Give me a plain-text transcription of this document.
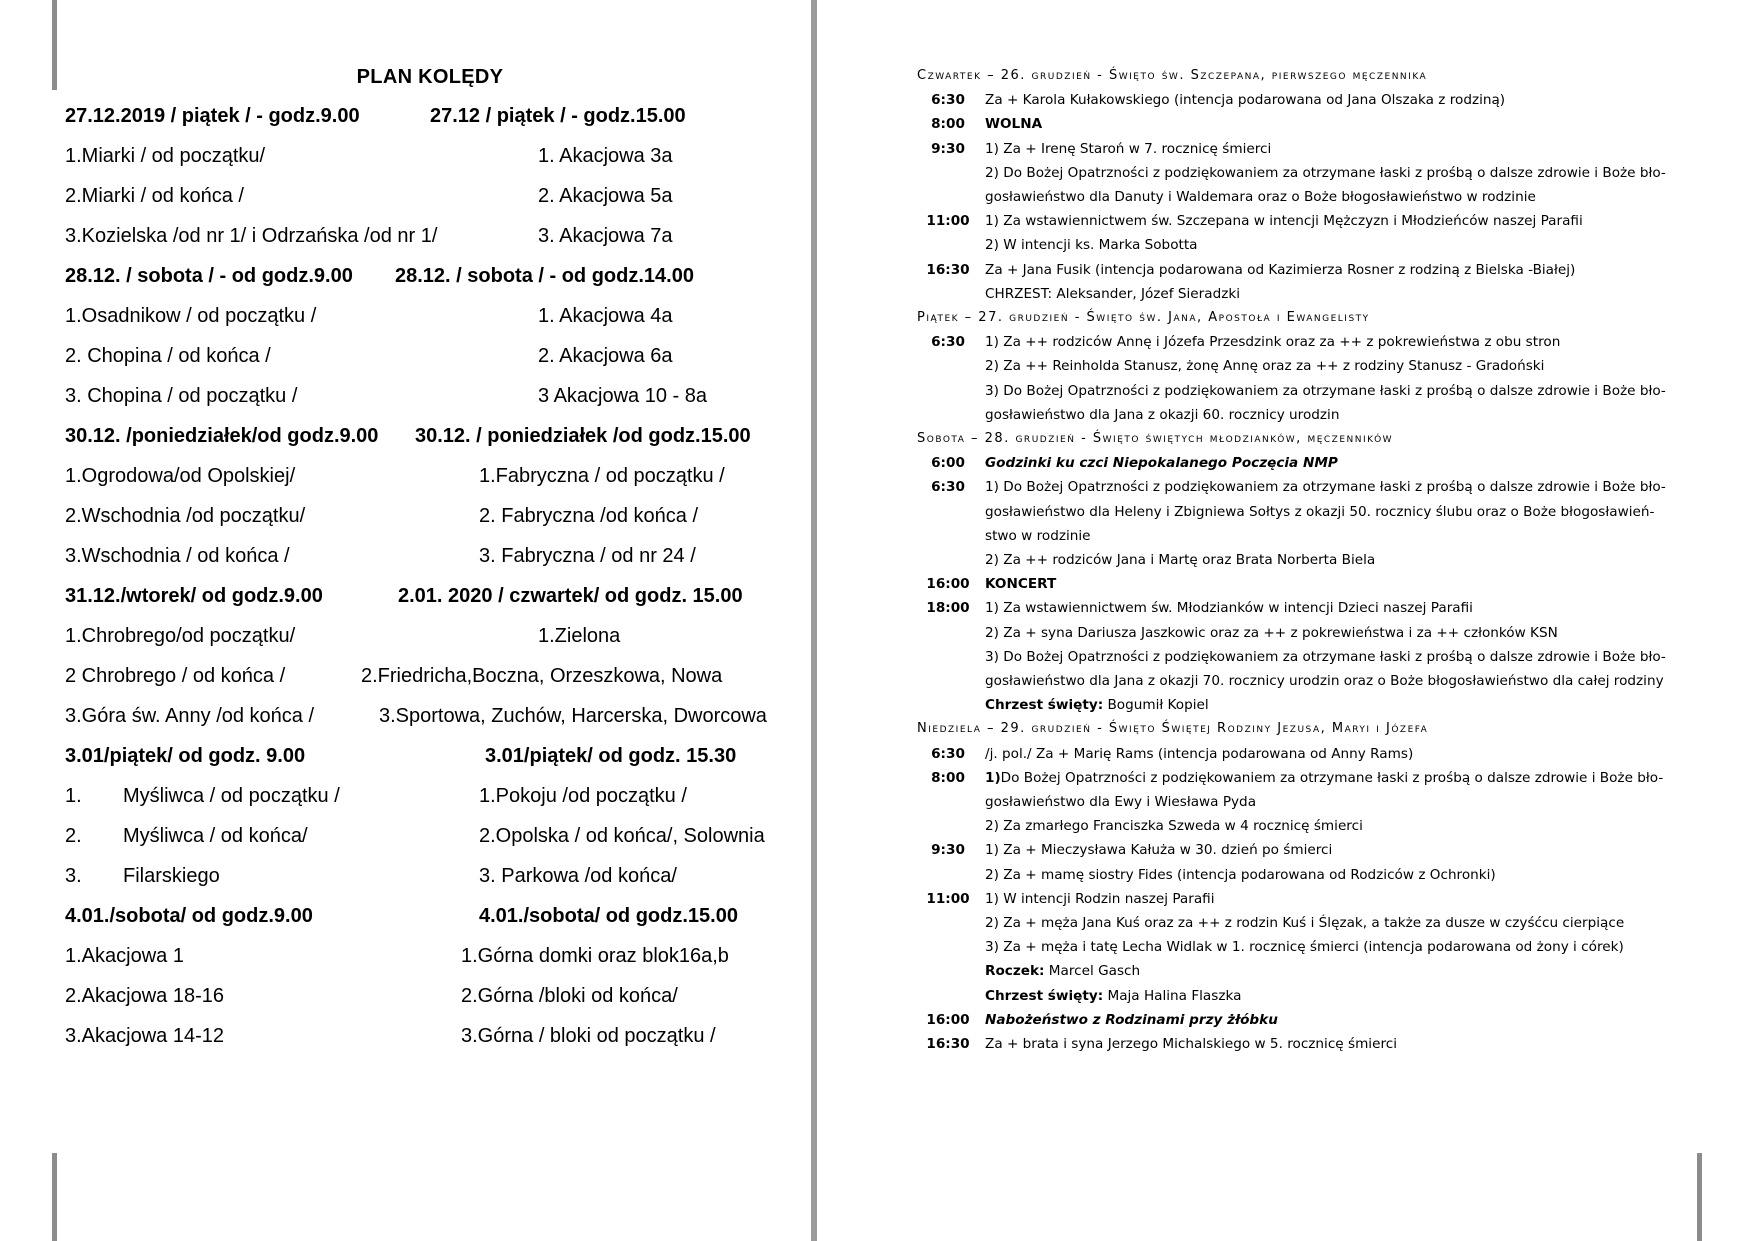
PLAN KOLĘDY
27.12.2019 / piątek / - godz.9.00	27.12 / piątek / - godz.15.00
1.Miarki / od początku/	1. Akacjowa 3a
2.Miarki / od końca /	2. Akacjowa 5a
3.Kozielska /od nr 1/ i Odrzańska /od nr 1/	3. Akacjowa 7a
28.12. / sobota / - od godz.9.00 28.12. / sobota / - od godz.14.00
1.Osadnikow / od początku /	1. Akacjowa 4a
2. Chopina / od końca /	2. Akacjowa 6a
3. Chopina / od początku /	3 Akacjowa 10 - 8a
30.12. /poniedziałek/od godz.9.00 30.12. / poniedziałek /od godz.15.00
1.Ogrodowa/od Opolskiej/	1.Fabryczna / od początku /
2.Wschodnia /od początku/	2. Fabryczna /od końca /
3.Wschodnia / od końca /	3. Fabryczna / od nr 24 /
31.12./wtorek/ od godz.9.00	2.01. 2020 / czwartek/ od godz. 15.00
1.Chrobrego/od początku/	1.Zielona
2 Chrobrego / od końca /	2.Friedricha,Boczna, Orzeszkowa, Nowa
3.Góra św. Anny /od końca /	3.Sportowa, Zuchów, Harcerska, Dworcowa
3.01/piątek/ od godz. 9.00	3.01/piątek/ od godz. 15.30
1. Myśliwca / od początku /	1.Pokoju /od początku /
2. Myśliwca / od końca/	2.Opolska / od końca/, Solownia
3. Filarskiego	3. Parkowa /od końca/
4.01./sobota/ od godz.9.00	4.01./sobota/ od godz.15.00
1.Akacjowa 1	1.Górna domki oraz blok16a,b
2.Akacjowa 18-16	2.Górna /bloki od końca/
3.Akacjowa 14-12	3.Górna / bloki od początku /
Czwartek – 26. grudzień - Święto św. Szczepana, pierwszego męczennika
6:30	Za + Karola Kułakowskiego (intencja podarowana od Jana Olszaka z rodziną)
8:00	WOLNA
9:30	1) Za + Irenę Staroń w 7. rocznicę śmierci
2) Do Bożej Opatrzności z podziękowaniem za otrzymane łaski z prośbą o dalsze zdrowie i Boże bło-
gosławieństwo dla Danuty i Waldemara oraz o Boże błogosławieństwo w rodzinie
11:00	1) Za wstawiennictwem św. Szczepana w intencji Mężczyzn i Młodzieńców naszej Parafii
2) W intencji ks. Marka Sobotta
16:30	Za + Jana Fusik (intencja podarowana od Kazimierza Rosner z rodziną z Bielska -Białej)
CHRZEST: Aleksander, Józef Sieradzki
Piątek – 27. grudzień - Święto św. Jana, Apostoła i Ewangelisty
6:30	1) Za ++ rodziców Annę i Józefa Przesdzink oraz za ++ z pokrewieństwa z obu stron
2) Za ++ Reinholda Stanusz, żonę Annę oraz za ++ z rodziny Stanusz - Gradoński
3) Do Bożej Opatrzności z podziękowaniem za otrzymane łaski z prośbą o dalsze zdrowie i Boże bło-
gosławieństwo dla Jana z okazji 60. rocznicy urodzin
Sobota – 28. grudzień - Święto świętych młodzianków, męczenników
6:00	Godzinki ku czci Niepokalanego Poczęcia NMP
6:30	1) Do Bożej Opatrzności z podziękowaniem za otrzymane łaski z prośbą o dalsze zdrowie i Boże bło-
gosławieństwo dla Heleny i Zbigniewa Sołtys z okazji 50. rocznicy ślubu oraz o Boże błogosławień-
stwo w rodzinie
2) Za ++ rodziców Jana i Martę oraz Brata Norberta Biela
16:00	KONCERT
18:00	1) Za wstawiennictwem św. Młodzianków w intencji Dzieci naszej Parafii
2) Za + syna Dariusza Jaszkowic oraz za ++ z pokrewieństwa i za ++ członków KSN
3) Do Bożej Opatrzności z podziękowaniem za otrzymane łaski z prośbą o dalsze zdrowie i Boże bło-
gosławieństwo dla Jana z okazji 70. rocznicy urodzin oraz o Boże błogosławieństwo dla całej rodziny
Chrzest święty: Bogumił Kopiel
Niedziela – 29. grudzień - Święto Świętej Rodziny Jezusa, Maryi i Józefa
6:30	/j. pol./ Za + Marię Rams (intencja podarowana od Anny Rams)
8:00	1)Do Bożej Opatrzności z podziękowaniem za otrzymane łaski z prośbą o dalsze zdrowie i Boże bło-
gosławieństwo dla Ewy i Wiesława Pyda
2) Za zmarłego Franciszka Szweda w 4 rocznicę śmierci
9:30	1) Za + Mieczysława Kałuża w 30. dzień po śmierci
2) Za + mamę siostry Fides (intencja podarowana od Rodziców z Ochronki)
11:00	1) W intencji Rodzin naszej Parafii
2) Za + męża Jana Kuś oraz za ++ z rodzin Kuś i Ślęzak, a także za dusze w czyśćcu cierpiące
3) Za + męża i tatę Lecha Widlak w 1. rocznicę śmierci (intencja podarowana od żony i córek)
Roczek: Marcel Gasch
Chrzest święty: Maja Halina Flaszka
16:00	Nabożeństwo z Rodzinami przy żłóbku
16:30	Za + brata i syna Jerzego Michalskiego w 5. rocznicę śmierci
